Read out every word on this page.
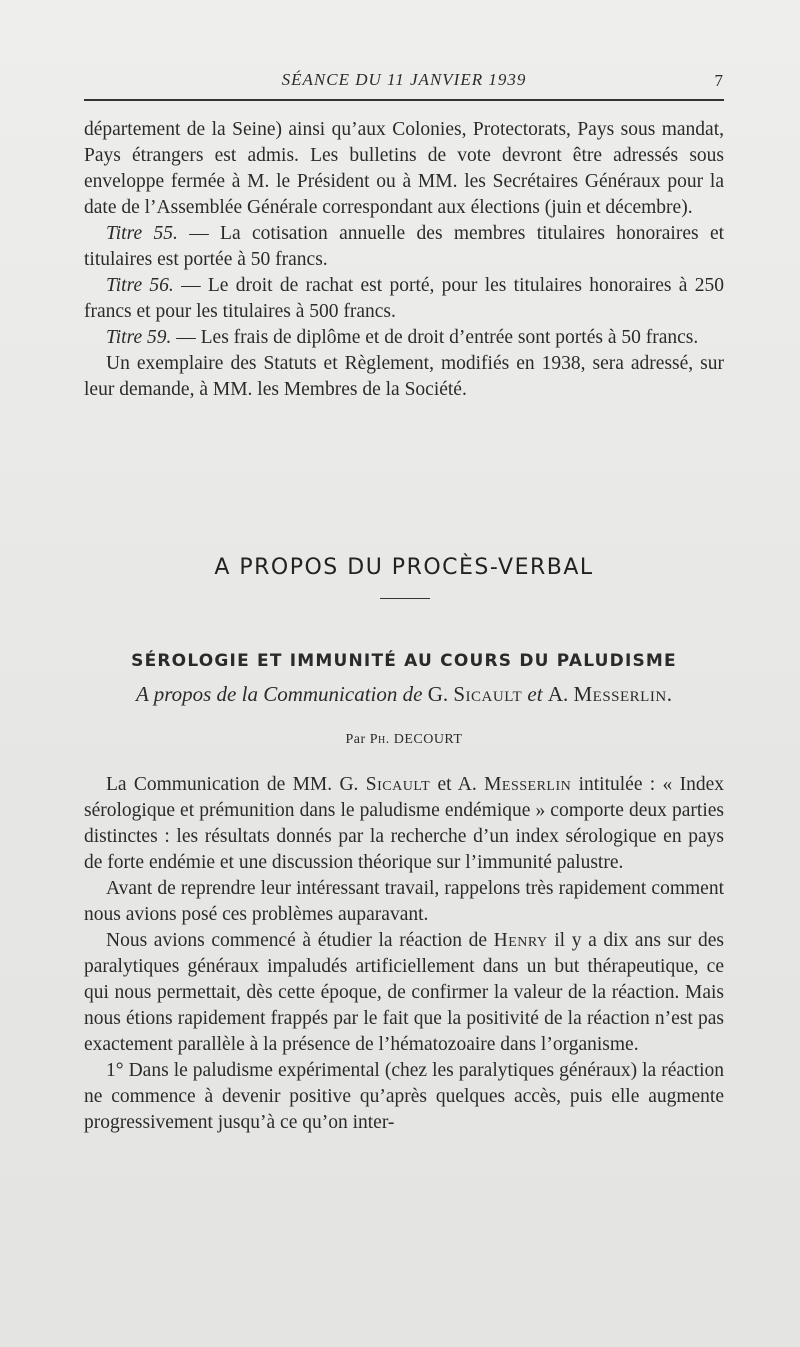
SÉANCE DU 11 JANVIER 1939	7

département de la Seine) ainsi qu’aux Colonies, Protectorats, Pays sous mandat, Pays étrangers est admis. Les bulletins de vote devront être adressés sous enveloppe fermée à M. le Président ou à MM. les Secrétaires Généraux pour la date de l’Assemblée Générale correspondant aux élections (juin et décembre).

Titre 55. — La cotisation annuelle des membres titulaires honoraires et titulaires est portée à 50 francs.

Titre 56. — Le droit de rachat est porté, pour les titulaires honoraires à 250 francs et pour les titulaires à 500 francs.

Titre 59. — Les frais de diplôme et de droit d’entrée sont portés à 50 francs.

Un exemplaire des Statuts et Règlement, modifiés en 1938, sera adressé, sur leur demande, à MM. les Membres de la Société.

A PROPOS DU PROCÈS-VERBAL
SÉROLOGIE ET IMMUNITÉ AU COURS DU PALUDISME
A propos de la Communication de G. Sicault et A. Messerlin.
Par Ph. DECOURT

La Communication de MM. G. Sicault et A. Messerlin intitulée : « Index sérologique et prémunition dans le paludisme endémique » comporte deux parties distinctes : les résultats donnés par la recherche d’un index sérologique en pays de forte endémie et une discussion théorique sur l’immunité palustre.

Avant de reprendre leur intéressant travail, rappelons très rapidement comment nous avions posé ces problèmes auparavant.

Nous avions commencé à étudier la réaction de Henry il y a dix ans sur des paralytiques généraux impaludés artificiellement dans un but thérapeutique, ce qui nous permettait, dès cette époque, de confirmer la valeur de la réaction. Mais nous étions rapidement frappés par le fait que la positivité de la réaction n’est pas exactement parallèle à la présence de l’hématozoaire dans l’organisme.

1° Dans le paludisme expérimental (chez les paralytiques généraux) la réaction ne commence à devenir positive qu’après quelques accès, puis elle augmente progressivement jusqu’à ce qu’on inter-
